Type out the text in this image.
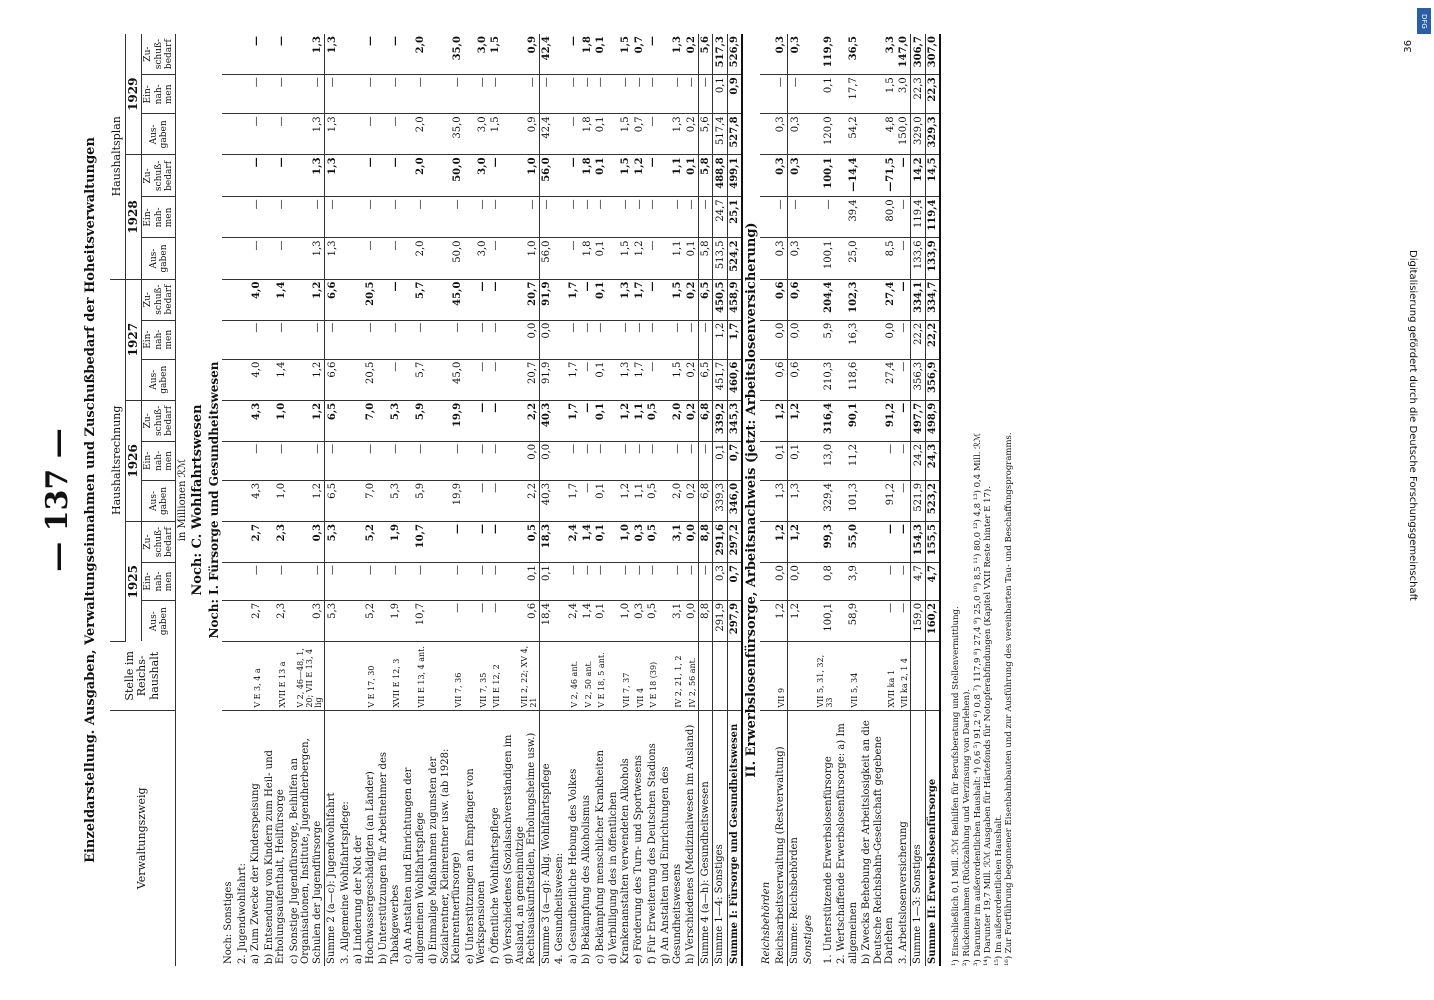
— 137 — Einzeldarstellung. Ausgaben, Verwaltungseinnahmen und Zuschußbedarf der Hoheitsverwaltungen	Verwaltungszweig	Stelle im Reichs-haushalt	Haushaltsrechnung									Haushaltsplan					
		1925			1926			1927			1928			1929		
		Aus-gaben	Ein-nah-men	Zu-schuß-bedarf	Aus-gaben	Ein-nah-men	Zu-schuß-bedarf	Aus-gaben	Ein-nah-men	Zu-schuß-bedarf	Aus-gaben	Ein-nah-men	Zu-schuß-bedarf	Aus-gaben	Ein-nah-men	Zu-schuß-bedarf
in Millionen ℛℳ																
Noch: C. Wohlfahrtswesen																
Noch: I. Fürsorge und Gesundheitswesen																
Noch: Sonstiges																
2. Jugendwohlfahrt:																
a) Zum Zwecke der Kinderspeisung	V E 3, 4 a	2,7	—	2,7	4,3	—	4,3	4,0	—	4,0	—	—	—	—	—	—
b) Entsendung von Kindern zum Heil- und Erholungsaufenthalt, Heilfürsorge	XVII E 13 a	2,3	—	2,3	1,0	—	1,0	1,4	—	1,4	—	—	—	—	—	—
c) Sonstige Jugendfürsorge, Beihilfen an Organisationen, Institute, Jugendherbergen, Schulen der Jugendfürsorge	V 2, 46—48, 1, 20; VII E 13, 4 lig	0,3	—	0,3	1,2	—	1,2	1,2	—	1,2	1,3	—	1,3	1,3	—	1,3
Summe 2 (a—c): Jugendwohlfahrt		5,3	—	5,3	6,5	—	6,5	6,6	—	6,6	1,3	—	1,3	1,3	—	1,3
3. Allgemeine Wohlfahrtspflege:																
a) Linderung der Not der Hochwassergeschädigten (an Länder)	V E 17, 30	5,2	—	5,2	7,0	—	7,0	20,5	—	20,5	—	—	—	—	—	—
b) Unterstützungen für Arbeitnehmer des Tabakgewerbes	XVII E 12, 3	1,9	—	1,9	5,3	—	5,3	—	—	—	—	—	—	—	—	—
c) An Anstalten und Einrichtungen der allgemeinen Wohlfahrtspflege	VII E 13, 4 ant.	10,7	—	10,7	5,9	—	5,9	5,7	—	5,7	2,0	—	2,0	2,0	—	2,0
d) Einmalige Maßnahmen zugunsten der Sozialrentner, Kleinrentner usw. (ab 1928: Kleinrentnerfürsorge)	VII 7, 36	—	—	—	19,9	—	19,9	45,0	—	45,0	50,0	—	50,0	35,0	—	35,0
e) Unterstützungen an Empfänger von Werkspensionen	VII 7, 35	—	—	—	—	—	—	—	—	—	3,0	—	3,0	3,0	—	3,0
f) Öffentliche Wohlfahrtspflege	VII E 12, 2	—	—	—	—	—	—	—	—	—	—	—	—	1,5	—	1,5
g) Verschiedenes (Sozialsachverständigen im Ausland, an gemeinnützige Rechtsauskunftstellen, Erholungsheime usw.)	VII 2, 22; XV 4, 21	0,6	0,1	0,5	2,2	0,0	2,2	20,7	0,0	20,7	1,0	—	1,0	0,9	—	0,9
Summe 3 (a—g): Allg. Wohlfahrtspflege		18,4	0,1	18,3	40,3	0,0	40,3	91,9	0,0	91,9	56,0	—	56,0	42,4	—	42,4
4. Gesundheitswesen:																
a) Gesundheitliche Hebung des Volkes	V 2, 46 ant.	2,4	—	2,4	1,7	—	1,7	1,7	—	1,7	—	—	—	—	—	—
b) Bekämpfung des Alkoholismus	V 2, 50 ant.	1,4	—	1,4	—	—	—	—	—	—	1,8	—	1,8	1,8	—	1,8
c) Bekämpfung menschlicher Krankheiten	V E 18, 5 ant.	0,1	—	0,1	0,1	—	0,1	0,1	—	0,1	0,1	—	0,1	0,1	—	0,1
d) Verbilligung des in öffentlichen Krankenanstalten verwendeten Alkohols	VII 7, 37	1,0	—	1,0	1,2	—	1,2	1,3	—	1,3	1,5	—	1,5	1,5	—	1,5
e) Förderung des Turn- und Sportwesens	VII 4	0,3	—	0,3	1,1	—	1,1	1,7	—	1,7	1,2	—	1,2	0,7	—	0,7
f) Für Erweiterung des Deutschen Stadions	V E 18 (39)	0,5	—	0,5	0,5	—	0,5	—	—	—	—	—	—	—	—	—
g) An Anstalten und Einrichtungen des Gesundheitswesens	IV 2, 21, 1, 2	3,1	—	3,1	2,0	—	2,0	1,5	—	1,5	1,1	—	1,1	1,3	—	1,3
h) Verschiedenes (Medizinalwesen im Ausland)	IV 2, 56 ant.	0,0	—	0,0	0,2	—	0,2	0,2	—	0,2	0,1	—	0,1	0,2	—	0,2
Summe 4 (a—h): Gesundheitswesen		8,8	—	8,8	6,8	—	6,8	6,5	—	6,5	5,8	—	5,8	5,6	—	5,6
Summe 1—4: Sonstiges		291,9	0,3	291,6	339,3	0,1	339,2	451,7	1,2	450,5	513,5	24,7	488,8	517,4	0,1	517,3
Summe I: Fürsorge und Gesundheitswesen		297,9	0,7	297,2	346,0	0,7	345,3	460,6	1,7	458,9	524,2	25,1	499,1	527,8	0,9	526,9
II. Erwerbslosenfürsorge, Arbeitsnachweis (jetzt: Arbeitslosenversicherung)																
Reichsbehörden																
Reichsarbeitsverwaltung (Restverwaltung)	VII 9	1,2	0,0	1,2	1,3	0,1	1,2	0,6	0,0	0,6	0,3	—	0,3	0,3	—	0,3
Summe: Reichsbehörden		1,2	0,0	1,2	1,3	0,1	1,2	0,6	0,0	0,6	0,3	—	0,3	0,3	—	0,3
Sonstiges																
1. Unterstützende Erwerbslosenfürsorge	VII 5, 31, 32, 33	100,1	0,8	99,3	329,4	13,0	316,4	210,3	5,9	204,4	100,1	—	100,1	120,0	0,1	119,9
2. Wertschaffende Erwerbslosenfürsorge: a) Im allgemeinen	VII 5, 34	58,9	3,9	55,0	101,3	11,2	90,1	118,6	16,3	102,3	25,0	39,4	—14,4	54,2	17,7	36,5
b) Zwecks Behebung der Arbeitslosigkeit an die Deutsche Reichsbahn-Gesellschaft gegebene Darlehen	XVII ka 1	—	—	—	91,2	—	91,2	27,4	0,0	27,4	8,5	80,0	—71,5	4,8	1,5	3,3
3. Arbeitslosenversicherung	VII ka 2, 1 4	—	—	—	—	—	—	—	—	—	—	—	—	150,0	3,0	147,0
Summe 1—3: Sonstiges		159,0	4,7	154,3	521,9	24,2	497,7	356,3	22,2	334,1	133,6	119,4	14,2	329,0	22,3	306,7
Summe II: Erwerbslosenfürsorge		160,2	4,7	155,5	523,2	24,3	498,9	356,9	22,2	334,7	133,9	119,4	14,5	329,3	22,3	307,0
¹) Einschließlich 0,1 Mill. ℛℳ Beihilfen für Berufsberatung und Stellenvermittlung. ²) Rückeinnahmen (Rückzahlung und Verzinsung von Darlehen). ³) Darunter im außerordentlichen Haushalt: ⁴) 0,6 ⁵) 91,2 ⁶) 0,8 ⁷) 117,9 ⁸) 27,4 ⁹) 25,0 ¹⁰) 8,5 ¹¹) 80,0 ¹²) 4,8 ¹³) 0,4 Mill. ℛℳ ¹⁴) Darunter 19,7 Mill. ℛℳ Ausgaben für Härtefonds für Notopferabfindungen (Kapitel VXII Reste hinter E 17). ¹⁵) Im außerordentlichen Haushalt. ¹⁶) Zur Fortführung begonnener Eisenbahnbauten und zur Ausführung des vereinbarten Tau- und Beschaffungsprogramms.
36
DFG
Digitalisierung gefördert durch die Deutsche Forschungsgemeinschaft
